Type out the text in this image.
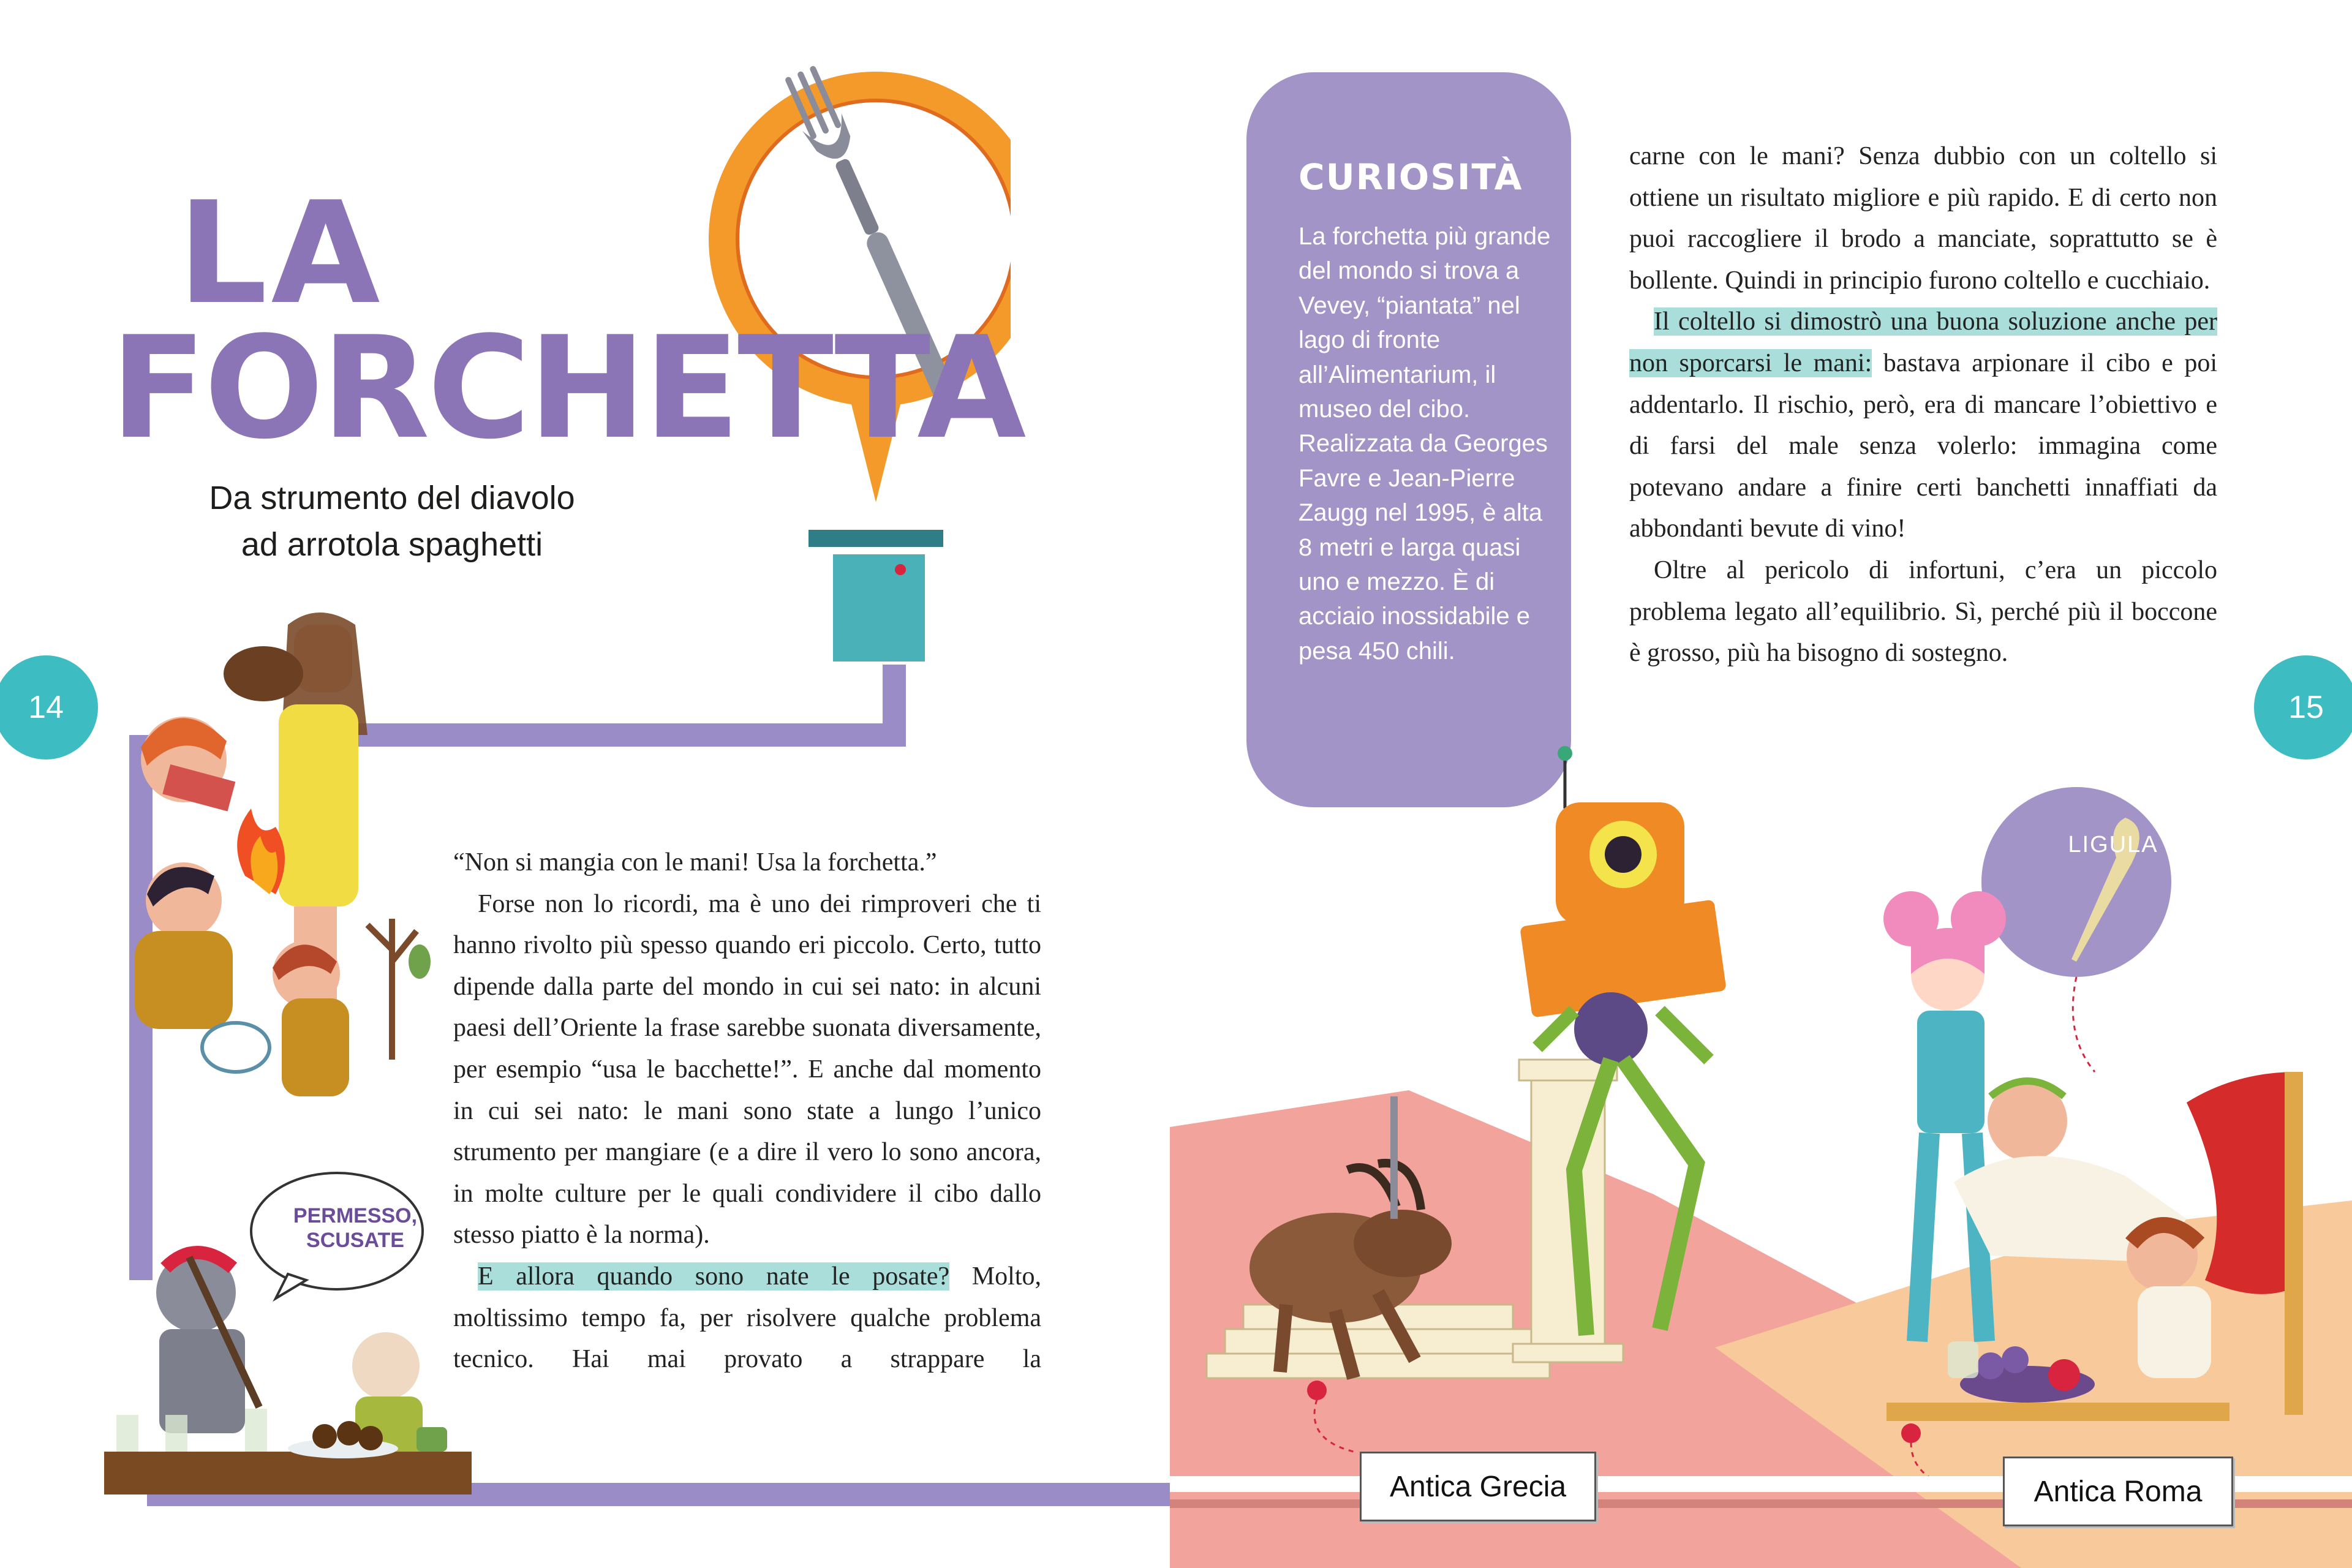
LA
FORCHETTA
Da strumento del diavolo
ad arrotola spaghetti
14	15
PERMESSO,
SCUSATE

“Non si mangia con le mani! Usa la forchetta.”

Forse non lo ricordi, ma è uno dei rimproveri che ti hanno rivolto più spesso quando eri piccolo. Certo, tutto dipende dalla parte del mondo in cui sei nato: in alcuni paesi dell’Oriente la frase sarebbe suonata diversamente, per esempio “usa le bacchette!”. E anche dal momento in cui sei nato: le mani sono state a lungo l’unico strumento per mangiare (e a dire il vero lo sono ancora, in molte culture per le quali condividere il cibo dallo stesso piatto è la norma).

E allora quando sono nate le posate? Molto, moltissimo tempo fa, per risolvere qualche problema tecnico. Hai mai provato a strappare la

CURIOSITÀ
La forchetta più grande del mondo si trova a Vevey, “piantata” nel lago di fronte all’Alimentarium, il museo del cibo. Realizzata da Georges Favre e Jean-Pierre Zaugg nel 1995, è alta 8 metri e larga quasi uno e mezzo. È di acciaio inossidabile e pesa 450 chili.

carne con le mani? Senza dubbio con un coltello si ottiene un risultato migliore e più rapido. E di certo non puoi raccogliere il brodo a manciate, soprattutto se è bollente. Quindi in principio furono coltello e cucchiaio.

Il coltello si dimostrò una buona soluzione anche per non sporcarsi le mani: bastava arpionare il cibo e poi addentarlo. Il rischio, però, era di mancare l’obiettivo e di farsi del male senza volerlo: immagina come potevano andare a finire certi banchetti innaffiati da abbondanti bevute di vino!

Oltre al pericolo di infortuni, c’era un piccolo problema legato all’equilibrio. Sì, perché più il boccone è grosso, più ha bisogno di sostegno.

LIGULA
Antica Grecia	Antica Roma
